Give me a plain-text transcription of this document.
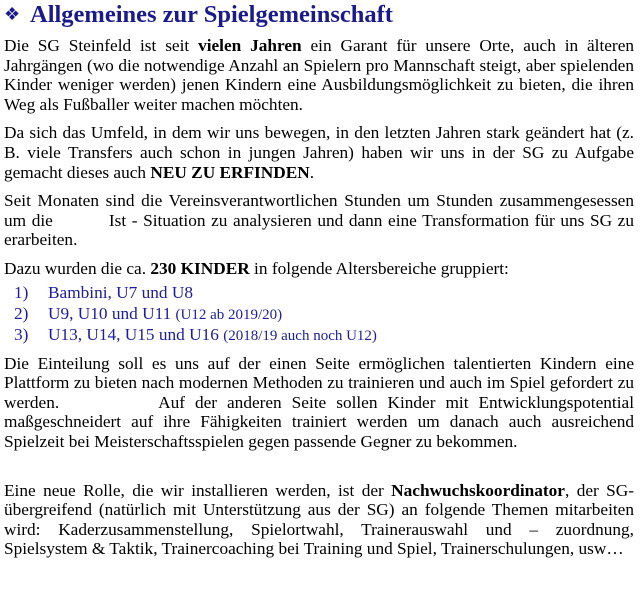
❖ Allgemeines zur Spielgemeinschaft

Die SG Steinfeld ist seit vielen Jahren ein Garant für unsere Orte, auch in älteren Jahrgängen (wo die notwendige Anzahl an Spielern pro Mannschaft steigt, aber spielenden Kinder weniger werden) jenen Kindern eine Ausbildungsmöglichkeit zu bieten, die ihren Weg als Fußballer weiter machen möchten.

Da sich das Umfeld, in dem wir uns bewegen, in den letzten Jahren stark geändert hat (z. B. viele Transfers auch schon in jungen Jahren) haben wir uns in der SG zu Aufgabe gemacht dieses auch NEU ZU ERFINDEN.

Seit Monaten sind die Vereinsverantwortlichen Stunden um Stunden zusammengesessen um die          Ist - Situation zu analysieren und dann eine Transformation für uns SG zu erarbeiten.

Dazu wurden die ca. 230 KINDER in folgende Altersbereiche gruppiert:

1)	Bambini, U7 und U8
2)	U9, U10 und U11 (U12 ab 2019/20)
3)	U13, U14, U15 und U16 (2018/19 auch noch U12)

Die Einteilung soll es uns auf der einen Seite ermöglichen talentierten Kindern eine Plattform zu bieten nach modernen Methoden zu trainieren und auch im Spiel gefordert zu werden.          Auf der anderen Seite sollen Kinder mit Entwicklungspotential maßgeschneidert auf ihre Fähigkeiten trainiert werden um danach auch ausreichend Spielzeit bei Meisterschaftsspielen gegen passende Gegner zu bekommen.

Eine neue Rolle, die wir installieren werden, ist der Nachwuchskoordinator, der SG-übergreifend (natürlich mit Unterstützung aus der SG) an folgende Themen mitarbeiten wird: Kaderzusammenstellung, Spielortwahl, Trainerauswahl und – zuordnung, Spielsystem & Taktik, Trainercoaching bei Training und Spiel, Trainerschulungen, usw…
